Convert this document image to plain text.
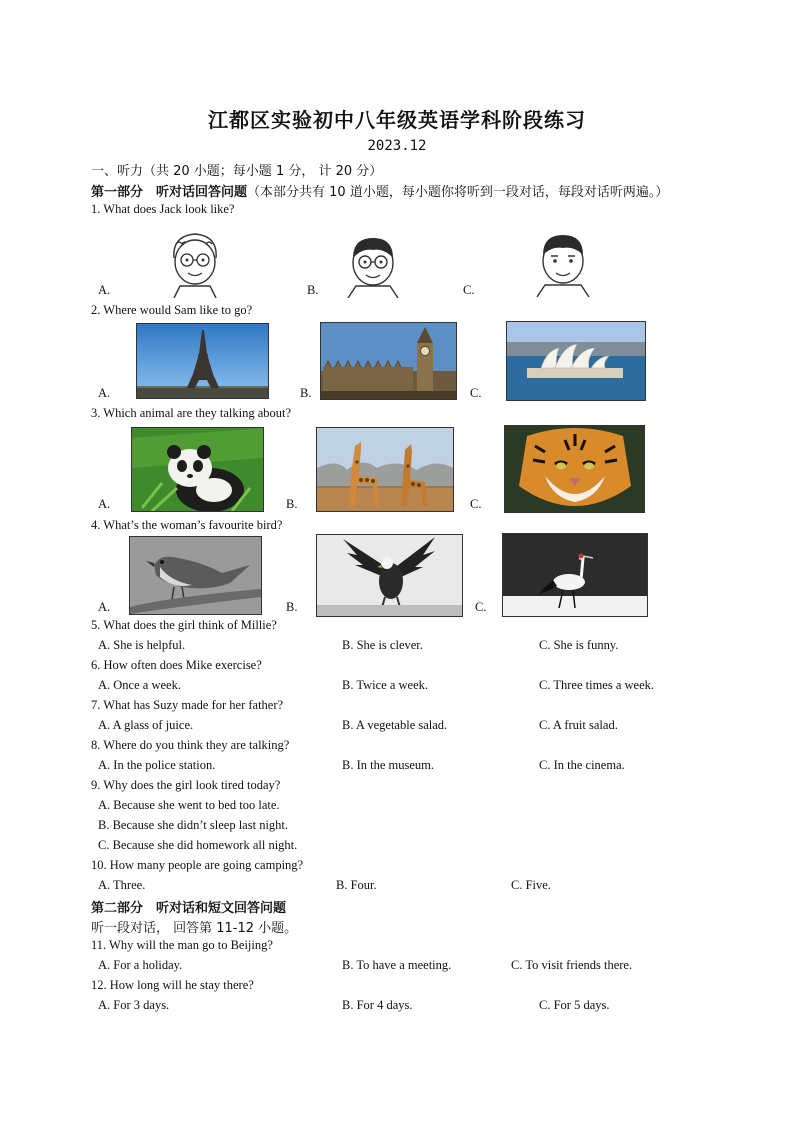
江都区实验初中八年级英语学科阶段练习
2023.12
一、听力（共 20 小题；每小题 1 分， 计 20 分）
第一部分　听对话回答问题（本部分共有 10 道小题，每小题你将听到一段对话，每段对话听两遍。）
1. What does Jack look like?
A.	B.	C.
2. Where would Sam like to go?
A.	B.	C.
3. Which animal are they talking about?
A.	B.	C.
4. What’s the woman’s favourite bird?
A.	B.	C.
5. What does the girl think of Millie?
A. She is helpful.	B. She is clever.	C. She is funny.
6. How often does Mike exercise?
A. Once a week.	B. Twice a week.	C. Three times a week.
7. What has Suzy made for her father?
A. A glass of juice.	B. A vegetable salad.	C. A fruit salad.
8. Where do you think they are talking?
A. In the police station.	B. In the museum.	C. In the cinema.
9. Why does the girl look tired today?
A. Because she went to bed too late.
B. Because she didn’t sleep last night.
C. Because she did homework all night.
10. How many people are going camping?
A. Three.	B. Four.	C. Five.
第二部分　听对话和短文回答问题
听一段对话， 回答第 11-12 小题。
11. Why will the man go to Beijing?
A. For a holiday.	B. To have a meeting.	C. To visit friends there.
12. How long will he stay there?
A. For 3 days.	B. For 4 days.	C. For 5 days.
